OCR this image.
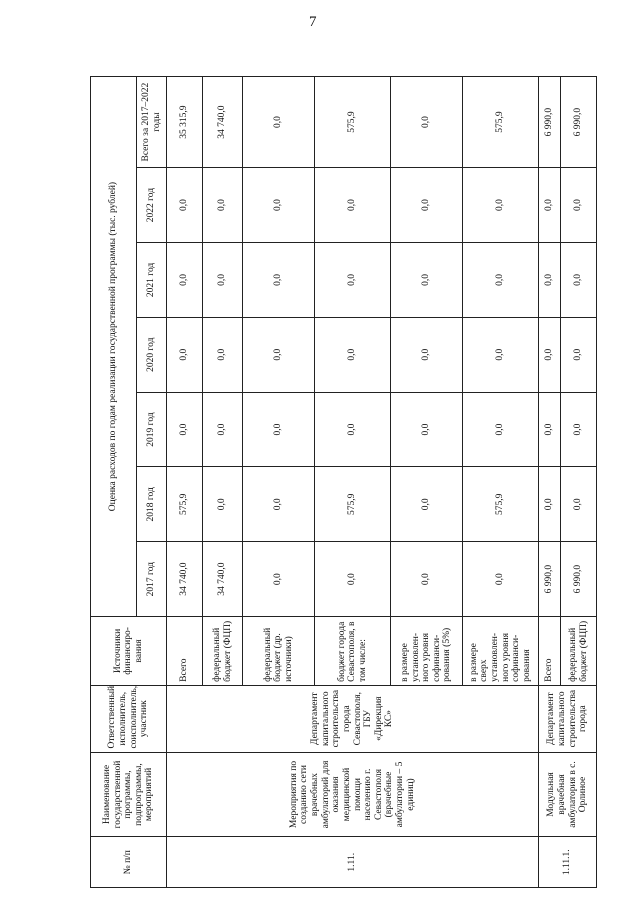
7
№ п/п	Наименование государственной программы, подпрограммы, мероприятий	Ответственный исполнитель, соисполнитель, участник	Источники финансиро- вания	Оценка расходов по годам реализации государственной программы (тыс. рублей)						
				2017 год	2018 год	2019 год	2020 год	2021 год	2022 год	Всего за 2017–2022 годы
1.11.	Мероприятия по созданию сети врачебных амбулаторий для оказания медицинской помощи населению г. Севастополя (врачебные амбулатории – 5 единиц)	Департамент капитального строительства города Севастополя, ГБУ «Дирекция КС»	Всего	34 740,0	575,9	0,0	0,0	0,0	0,0	35 315,9
			федеральный бюджет (ФЦП)	34 740,0	0,0	0,0	0,0	0,0	0,0	34 740,0
			федеральный бюджет (др. источники)	0,0	0,0	0,0	0,0	0,0	0,0	0,0
			бюджет города Севастополя, в том числе:	0,0	575,9	0,0	0,0	0,0	0,0	575,9
			в размере установлен- ного уровня софинанси- рования (5%)	0,0	0,0	0,0	0,0	0,0	0,0	0,0
			в размере сверх установлен- ного уровня софинанси- рования	0,0	575,9	0,0	0,0	0,0	0,0	575,9
1.11.1.	Модульная врачебная амбулатория в с. Орлиное	Департамент капитального строительства города	Всего	6 990,0	0,0	0,0	0,0	0,0	0,0	6 990,0
			федеральный бюджет (ФЦП)	6 990,0	0,0	0,0	0,0	0,0	0,0	6 990,0
